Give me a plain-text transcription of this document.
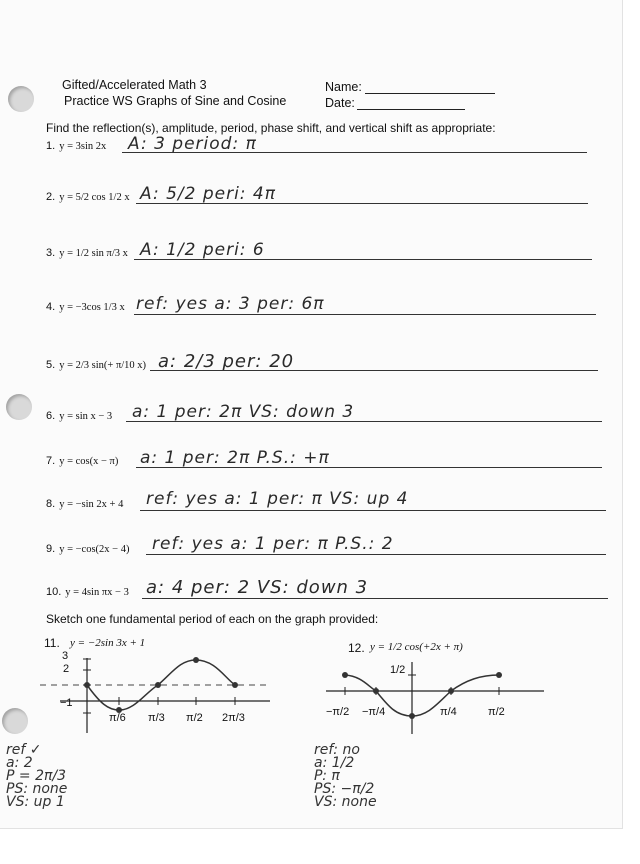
Gifted/Accelerated Math 3
Practice WS Graphs of Sine and Cosine
Name:
Date:
Find the reflection(s), amplitude, period, phase shift, and vertical shift as appropriate:
1. y = 3sin 2x A: 3 period: π
2. y = 5/2 cos 1/2 x A: 5/2 peri: 4π
3. y = 1/2 sin π/3 x A: 1/2 peri: 6
4. y = −3cos 1/3 x ref: yes a: 3 per: 6π
5. y = 2/3 sin(+ π/10 x) a: 2/3 per: 20
6. y = sin x − 3 a: 1 per: 2π VS: down 3
7. y = cos(x − π) a: 1 per: 2π P.S.: +π
8. y = −sin 2x + 4 ref: yes a: 1 per: π VS: up 4
9. y = −cos(2x − 4) ref: yes a: 1 per: π P.S.: 2
10. y = 4sin πx − 3 a: 4 per: 2 VS: down 3
Sketch one fundamental period of each on the graph provided:
11. y = −2sin 3x + 1
3
2
−1
π/6 π/3 π/2 2π/3
ref ✓
a: 2
P = 2π/3
PS: none
VS: up 1
12. y = 1/2 cos(+2x + π)
1/2
−π/2 −π/4	π/4	π/2
ref: no
a: 1/2
P: π
PS: −π/2
VS: none
